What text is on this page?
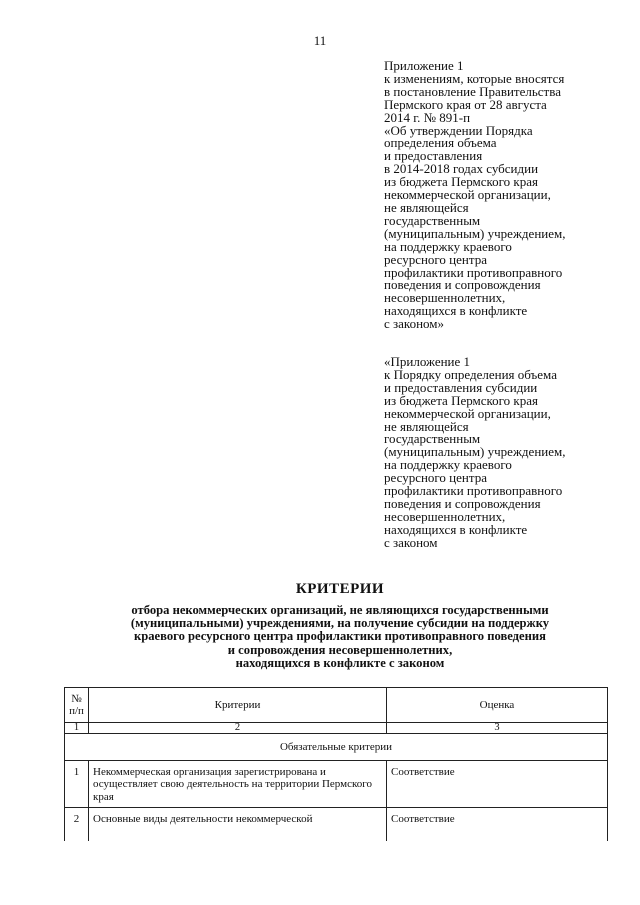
11
Приложение 1
к изменениям, которые вносятся
в постановление Правительства
Пермского края от 28 августа
2014 г. № 891-п
«Об утверждении Порядка
определения объема
и предоставления
в 2014-2018 годах субсидии
из бюджета Пермского края
некоммерческой организации,
не являющейся
государственным
(муниципальным) учреждением,
на поддержку краевого
ресурсного центра
профилактики противоправного
поведения и сопровождения
несовершеннолетних,
находящихся в конфликте
с законом»
«Приложение 1
к Порядку определения объема
и предоставления субсидии
из бюджета Пермского края
некоммерческой организации,
не являющейся
государственным
(муниципальным) учреждением,
на поддержку краевого
ресурсного центра
профилактики противоправного
поведения и сопровождения
несовершеннолетних,
находящихся в конфликте
с законом
КРИТЕРИИ
отбора некоммерческих организаций, не являющихся государственными
(муниципальными) учреждениями, на получение субсидии на поддержку
краевого ресурсного центра профилактики противоправного поведения
и сопровождения несовершеннолетних,
находящихся в конфликте с законом
№
п/п	Критерии	Оценка
1	2	3
Обязательные критерии		
1	Некоммерческая организация зарегистрирована и осуществляет свою деятельность на территории Пермского края	Соответствие
2	Основные виды деятельности некоммерческой	Соответствие
